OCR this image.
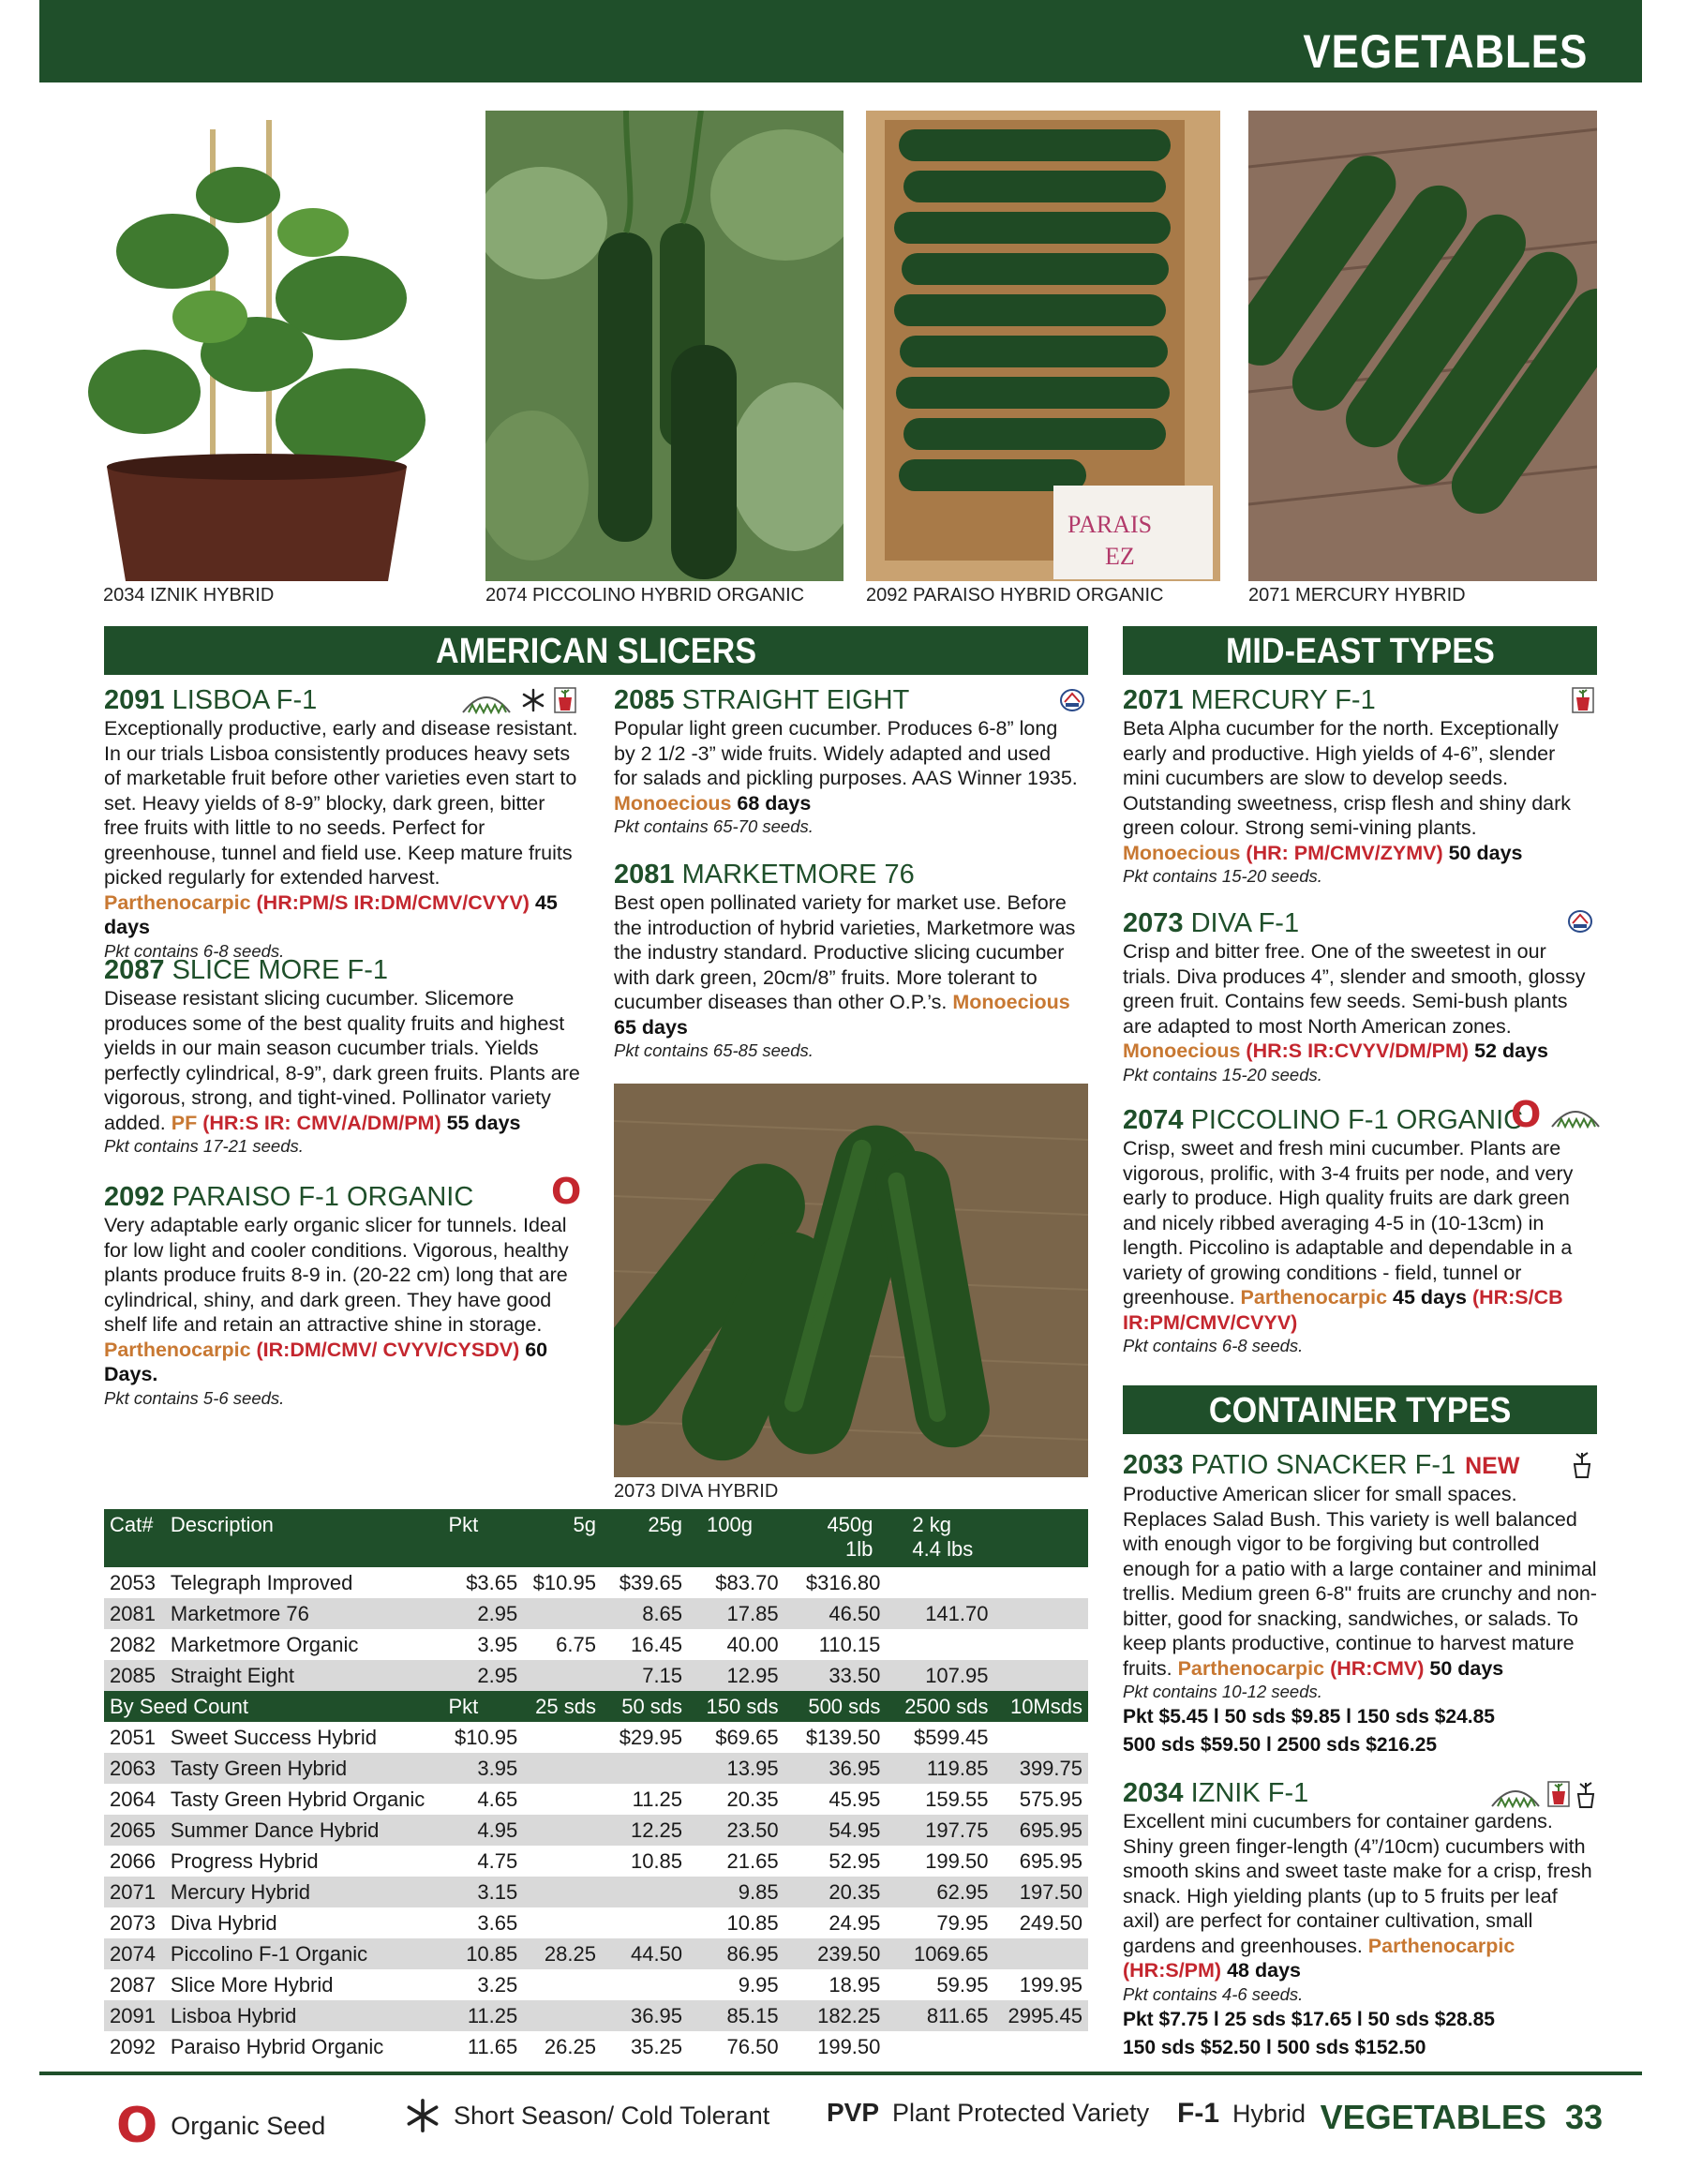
VEGETABLES
2034 IZNIK HYBRID	2074 PICCOLINO HYBRID ORGANIC
PARAIS
EZ
2092 PARAISO HYBRID ORGANIC	2071 MERCURY HYBRID
AMERICAN SLICERS	MID-EAST TYPES
CONTAINER TYPES
2091 LISBOA F-1
Exceptionally productive, early and disease resistant. In our trials Lisboa consistently produces heavy sets of marketable fruit before other varieties even start to set. Heavy yields of 8-9” blocky, dark green, bitter free fruits with little to no seeds. Perfect for greenhouse, tunnel and field use. Keep mature fruits picked regularly for extended harvest. Parthenocarpic (HR:PM/S IR:DM/CMV/CVYV) 45 days
Pkt contains 6-8 seeds.
2087 SLICE MORE F-1
Disease resistant slicing cucumber. Slicemore produces some of the best quality fruits and highest yields in our main season cucumber trials. Yields perfectly cylindrical, 8-9”, dark green fruits. Plants are vigorous, strong, and tight-vined. Pollinator variety added. PF (HR:S IR: CMV/A/DM/PM) 55 days
Pkt contains 17-21 seeds.
2092 PARAISO F-1 ORGANIC
Very adaptable early organic slicer for tunnels. Ideal for low light and cooler conditions. Vigorous, healthy plants produce fruits 8-9 in. (20-22 cm) long that are cylindrical, shiny, and dark green. They have good shelf life and retain an attractive shine in storage. Parthenocarpic (IR:DM/CMV/ CVYV/CYSDV) 60 Days.
Pkt contains 5-6 seeds.
O
2085 STRAIGHT EIGHT
Popular light green cucumber. Produces 6-8” long by 2 1/2 -3” wide fruits. Widely adapted and used for salads and pickling purposes. AAS Winner 1935. Monoecious 68 days
Pkt contains 65-70 seeds.
2081 MARKETMORE 76
Best open pollinated variety for market use. Before the introduction of hybrid varieties, Marketmore was the industry standard. Productive slicing cucumber with dark green, 20cm/8” fruits. More tolerant to cucumber diseases than other O.P.’s. Monoecious 65 days
Pkt contains 65-85 seeds.
2073 DIVA HYBRID
2071 MERCURY F-1
Beta Alpha cucumber for the north. Exceptionally early and productive. High yields of 4-6”, slender mini cucumbers are slow to develop seeds. Outstanding sweetness, crisp flesh and shiny dark green colour. Strong semi-vining plants. Monoecious (HR: PM/CMV/ZYMV) 50 days
Pkt contains 15-20 seeds.
2073 DIVA F-1
Crisp and bitter free. One of the sweetest in our trials. Diva produces 4”, slender and smooth, glossy green fruit. Contains few seeds. Semi-bush plants are adapted to most North American zones. Monoecious (HR:S IR:CVYV/DM/PM) 52 days
Pkt contains 15-20 seeds.
2074 PICCOLINO F-1 ORGANIC
Crisp, sweet and fresh mini cucumber. Plants are vigorous, prolific, with 3-4 fruits per node, and very early to produce. High quality fruits are dark green and nicely ribbed averaging 4-5 in (10-13cm) in length. Piccolino is adaptable and dependable in a variety of growing conditions - field, tunnel or greenhouse. Parthenocarpic 45 days (HR:S/CB IR:PM/CMV/CVYV)
Pkt contains 6-8 seeds.
O
2033 PATIO SNACKER F-1 NEW
Productive American slicer for small spaces. Replaces Salad Bush. This variety is well balanced with enough vigor to be forgiving but controlled enough for a patio with a large container and minimal trellis. Medium green 6-8" fruits are crunchy and non-bitter, good for snacking, sandwiches, or salads. To keep plants productive, continue to harvest mature fruits. Parthenocarpic (HR:CMV) 50 days
Pkt contains 10-12 seeds.
Pkt $5.45 l 50 sds $9.85 l 150 sds $24.85
500 sds $59.50 l 2500 sds $216.25
2034 IZNIK F-1
Excellent mini cucumbers for container gardens. Shiny green finger-length (4”/10cm) cucumbers with smooth skins and sweet taste make for a crisp, fresh snack. High yielding plants (up to 5 fruits per leaf axil) are perfect for container cultivation, small gardens and greenhouses. Parthenocarpic (HR:S/PM) 48 days
Pkt contains 4-6 seeds.
Pkt $7.75 l 25 sds $17.65 l 50 sds $28.85
150 sds $52.50 l 500 sds $152.50
Cat#	Description	Pkt	5g	25g	100g	450g
1lb	2 kg
4.4 lbs	
2053	Telegraph Improved	$3.65	$10.95	$39.65	$83.70	$316.80		
2081	Marketmore 76	2.95		8.65	17.85	46.50	141.70	
2082	Marketmore Organic	3.95	6.75	16.45	40.00	110.15		
2085	Straight Eight	2.95		7.15	12.95	33.50	107.95	
By Seed Count		Pkt	25 sds	50 sds	150 sds	500 sds	2500 sds	10Msds
2051	Sweet Success Hybrid	$10.95		$29.95	$69.65	$139.50	$599.45	
2063	Tasty Green Hybrid	3.95			13.95	36.95	119.85	399.75
2064	Tasty Green Hybrid Organic	4.65		11.25	20.35	45.95	159.55	575.95
2065	Summer Dance Hybrid	4.95		12.25	23.50	54.95	197.75	695.95
2066	Progress Hybrid	4.75		10.85	21.65	52.95	199.50	695.95
2071	Mercury Hybrid	3.15			9.85	20.35	62.95	197.50
2073	Diva Hybrid	3.65			10.85	24.95	79.95	249.50
2074	Piccolino F-1 Organic	10.85	28.25	44.50	86.95	239.50	1069.65	
2087	Slice More Hybrid	3.25			9.95	18.95	59.95	199.95
2091	Lisboa Hybrid	11.25		36.95	85.15	182.25	811.65	2995.45
2092	Paraiso Hybrid Organic	11.65	26.25	35.25	76.50	199.50		
O Organic Seed	Short Season/ Cold Tolerant PVP Plant Protected Variety F-1 Hybrid VEGETABLES 33
